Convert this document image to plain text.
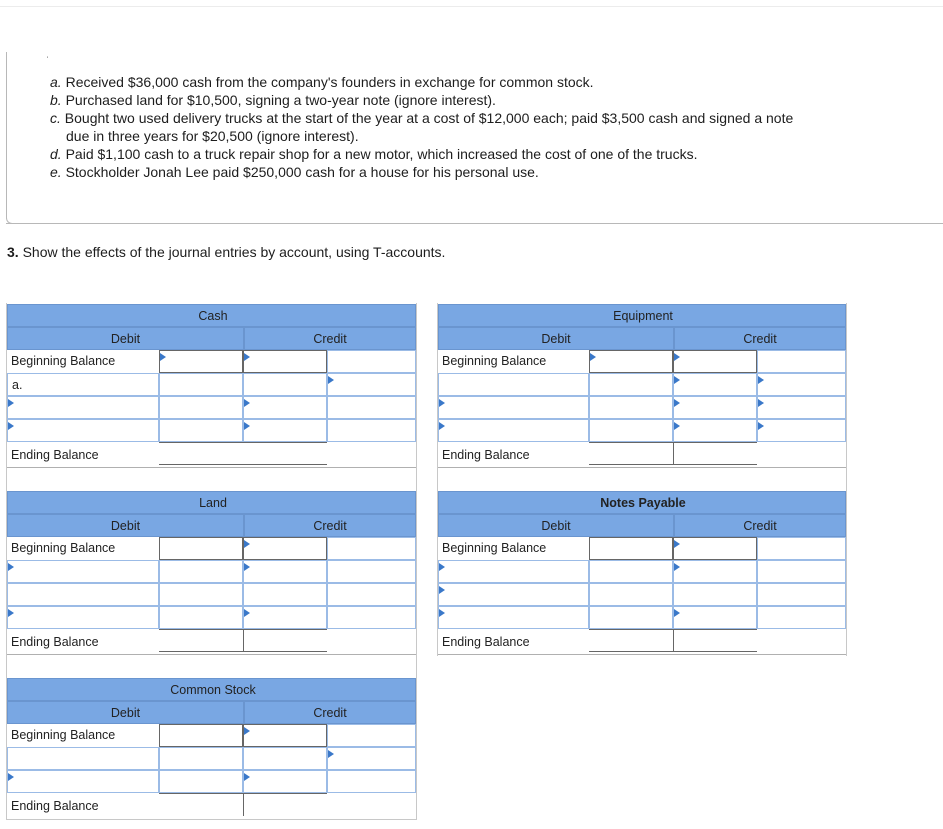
ˌ
a. Received $36,000 cash from the company's founders in exchange for common stock.
b. Purchased land for $10,500, signing a two-year note (ignore interest).
c. Bought two used delivery trucks at the start of the year at a cost of $12,000 each; paid $3,500 cash and signed a note
due in three years for $20,500 (ignore interest).
d. Paid $1,100 cash to a truck repair shop for a new motor, which increased the cost of one of the trucks.
e. Stockholder Jonah Lee paid $250,000 cash for a house for his personal use.
3. Show the effects of the journal entries by account, using T-accounts.
Cash
Debit	Credit
Beginning Balance
a.
Ending Balance
Equipment
Debit	Credit
Beginning Balance
Ending Balance
Land
Debit	Credit
Beginning Balance
Ending Balance
Notes Payable
Debit	Credit
Beginning Balance
Ending Balance
Common Stock
Debit	Credit
Beginning Balance
Ending Balance
